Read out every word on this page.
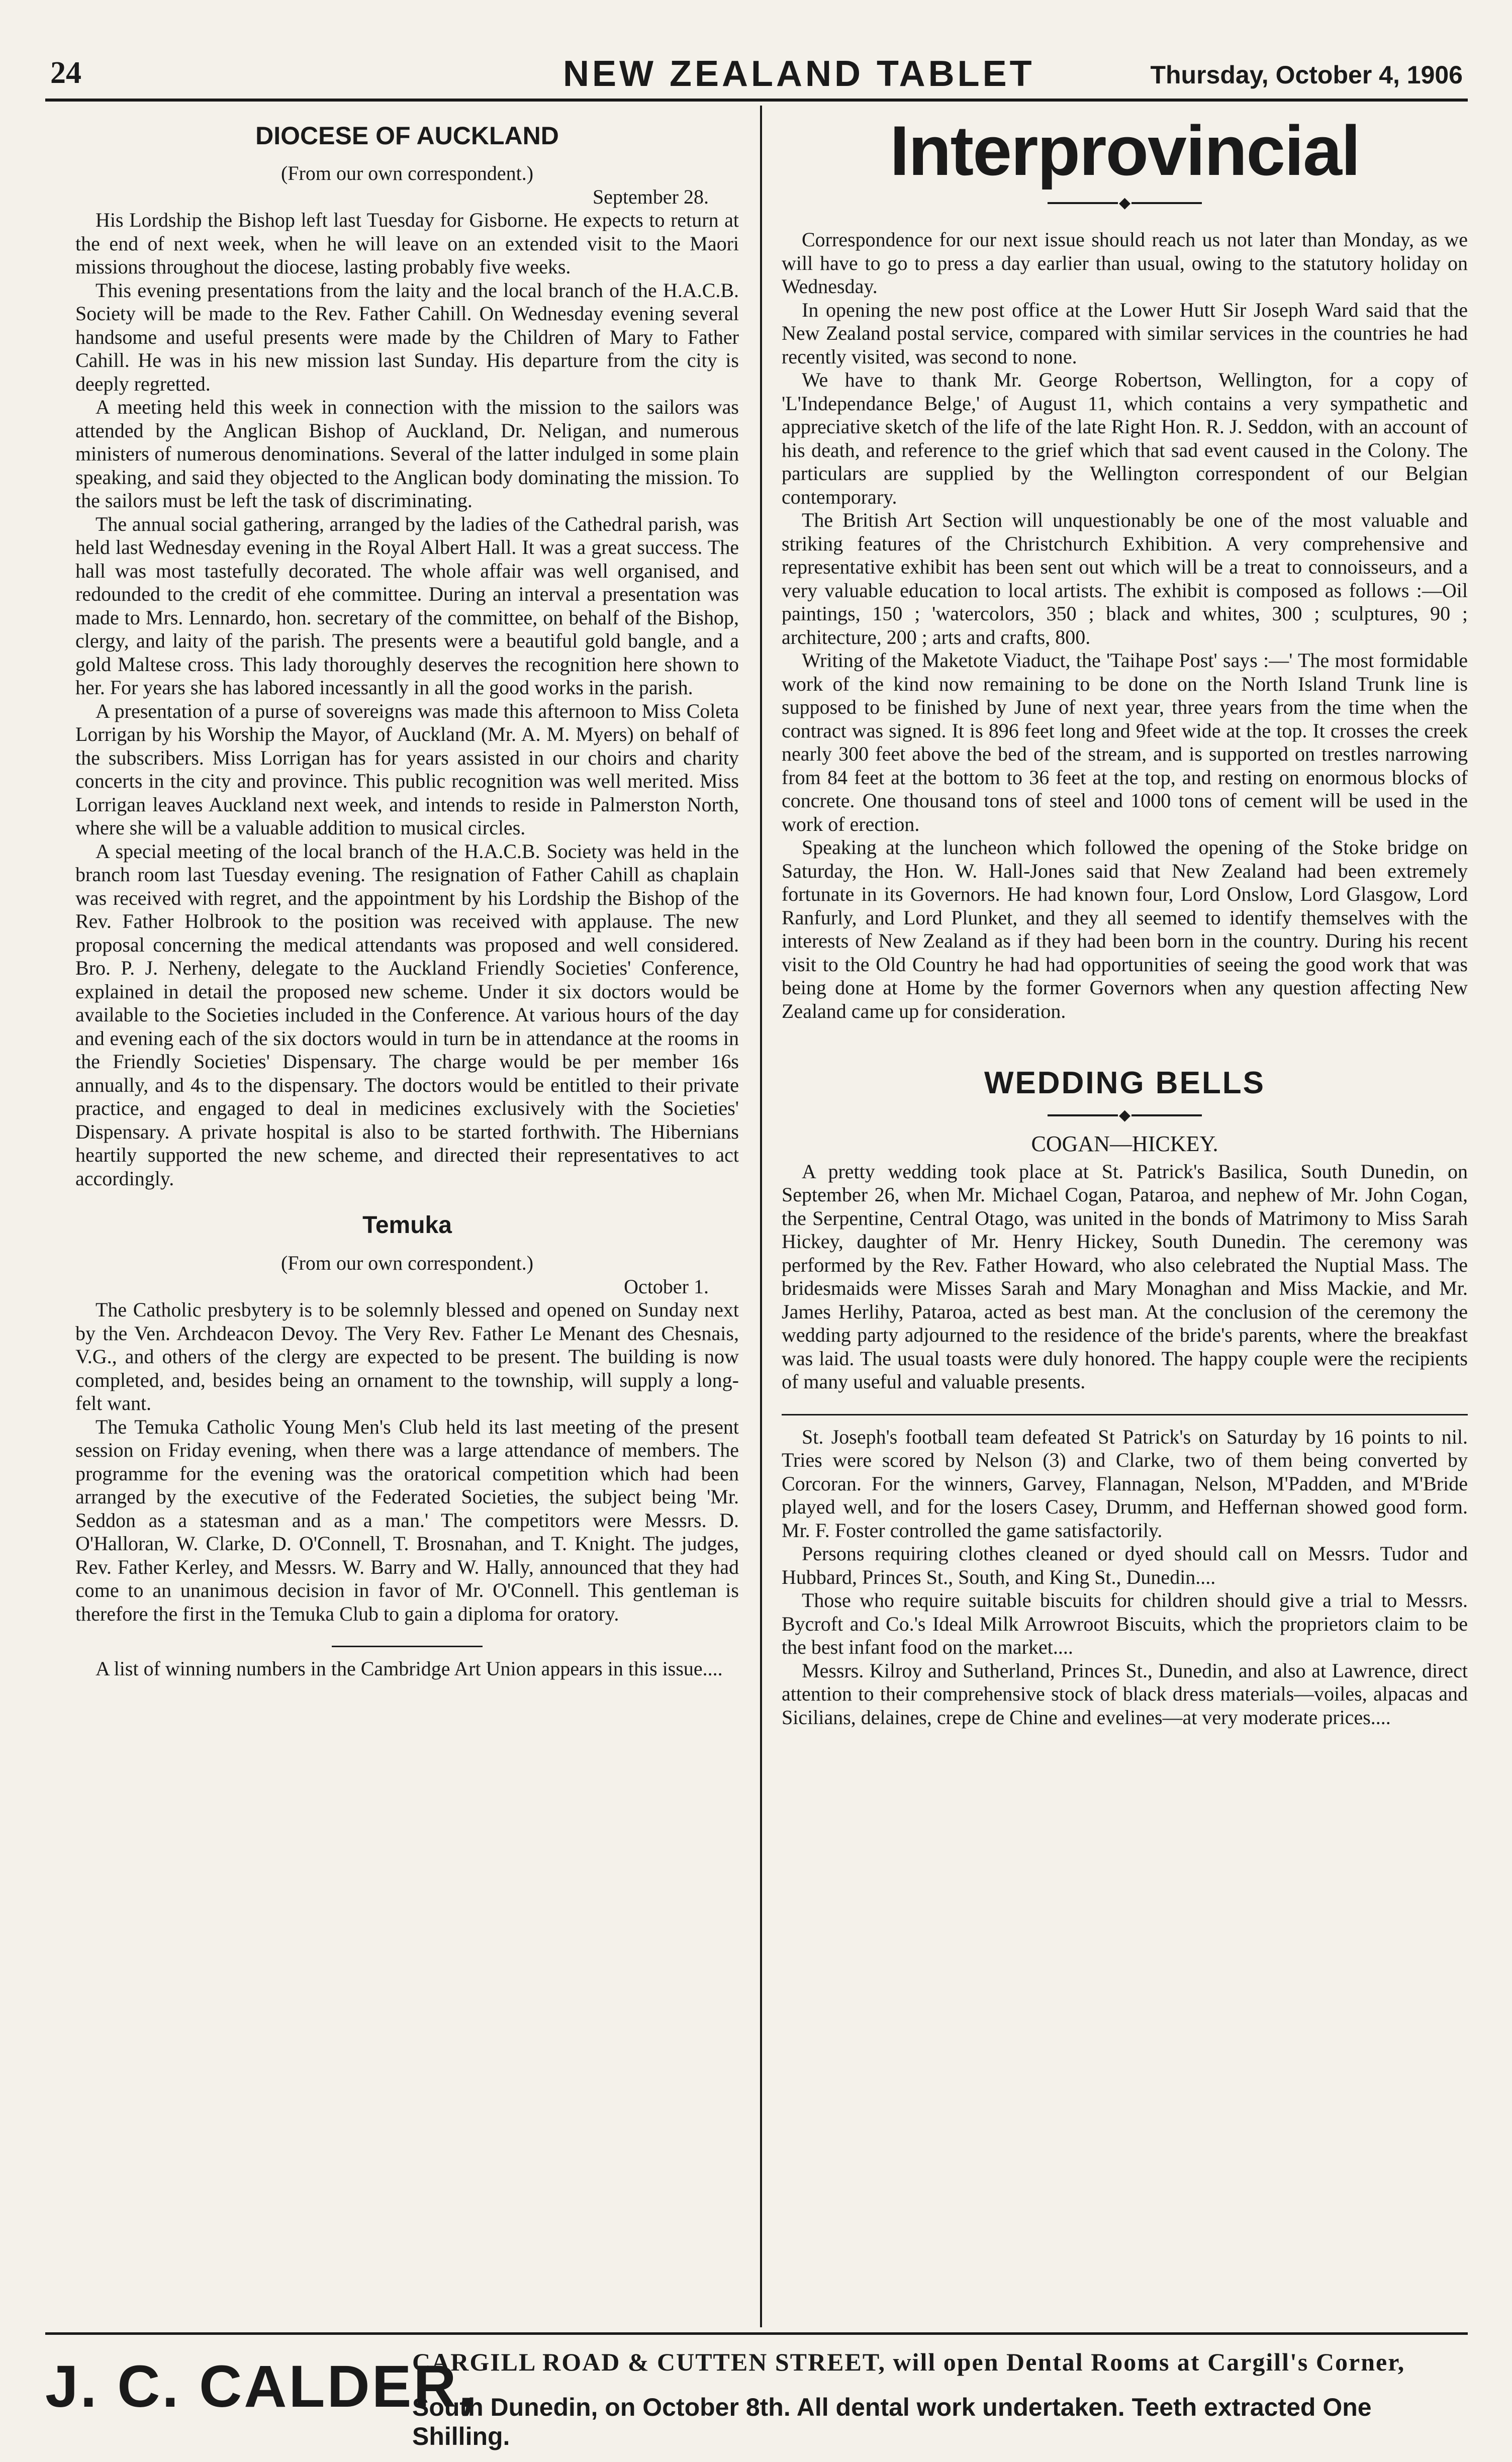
24	NEW ZEALAND TABLET	Thursday, October 4, 1906
DIOCESE OF AUCKLAND

(From our own correspondent.)

September 28.

His Lordship the Bishop left last Tuesday for Gisborne. He expects to return at the end of next week, when he will leave on an extended visit to the Maori missions throughout the diocese, lasting probably five weeks.

This evening presentations from the laity and the local branch of the H.A.C.B. Society will be made to the Rev. Father Cahill. On Wednesday evening several handsome and useful presents were made by the Children of Mary to Father Cahill. He was in his new mission last Sunday. His departure from the city is deeply regretted.

A meeting held this week in connection with the mission to the sailors was attended by the Anglican Bishop of Auckland, Dr. Neligan, and numerous ministers of numerous denominations. Several of the latter indulged in some plain speaking, and said they objected to the Anglican body dominating the mission. To the sailors must be left the task of discriminating.

The annual social gathering, arranged by the ladies of the Cathedral parish, was held last Wednesday evening in the Royal Albert Hall. It was a great success. The hall was most tastefully decorated. The whole affair was well organised, and redounded to the credit of ehe committee. During an interval a presentation was made to Mrs. Lennardo, hon. secretary of the committee, on behalf of the Bishop, clergy, and laity of the parish. The presents were a beautiful gold bangle, and a gold Maltese cross. This lady thoroughly deserves the recognition here shown to her. For years she has labored incessantly in all the good works in the parish.

A presentation of a purse of sovereigns was made this afternoon to Miss Coleta Lorrigan by his Worship the Mayor, of Auckland (Mr. A. M. Myers) on behalf of the subscribers. Miss Lorrigan has for years assisted in our choirs and charity concerts in the city and province. This public recognition was well merited. Miss Lorrigan leaves Auckland next week, and intends to reside in Palmerston North, where she will be a valuable addition to musical circles.

A special meeting of the local branch of the H.A.C.B. Society was held in the branch room last Tuesday evening. The resignation of Father Cahill as chaplain was received with regret, and the appointment by his Lordship the Bishop of the Rev. Father Holbrook to the position was received with applause. The new proposal concerning the medical attendants was proposed and well considered. Bro. P. J. Nerheny, delegate to the Auckland Friendly Societies' Conference, explained in detail the proposed new scheme. Under it six doctors would be available to the Societies included in the Conference. At various hours of the day and evening each of the six doctors would in turn be in attendance at the rooms in the Friendly Societies' Dispensary. The charge would be per member 16s annually, and 4s to the dispensary. The doctors would be entitled to their private practice, and engaged to deal in medicines exclusively with the Societies' Dispensary. A private hospital is also to be started forthwith. The Hibernians heartily supported the new scheme, and directed their representatives to act accordingly.

Temuka

(From our own correspondent.)

October 1.

The Catholic presbytery is to be solemnly blessed and opened on Sunday next by the Ven. Archdeacon Devoy. The Very Rev. Father Le Menant des Chesnais, V.G., and others of the clergy are expected to be present. The building is now completed, and, besides being an ornament to the township, will supply a long-felt want.

The Temuka Catholic Young Men's Club held its last meeting of the present session on Friday evening, when there was a large attendance of members. The programme for the evening was the oratorical competition which had been arranged by the executive of the Federated Societies, the subject being 'Mr. Seddon as a statesman and as a man.' The competitors were Messrs. D. O'Halloran, W. Clarke, D. O'Connell, T. Brosnahan, and T. Knight. The judges, Rev. Father Kerley, and Messrs. W. Barry and W. Hally, announced that they had come to an unanimous decision in favor of Mr. O'Connell. This gentleman is therefore the first in the Temuka Club to gain a diploma for oratory.

A list of winning numbers in the Cambridge Art Union appears in this issue....

Interprovincial
◆

Correspondence for our next issue should reach us not later than Monday, as we will have to go to press a day earlier than usual, owing to the statutory holiday on Wednesday.

In opening the new post office at the Lower Hutt Sir Joseph Ward said that the New Zealand postal service, compared with similar services in the countries he had recently visited, was second to none.

We have to thank Mr. George Robertson, Wellington, for a copy of 'L'Independance Belge,' of August 11, which contains a very sympathetic and appreciative sketch of the life of the late Right Hon. R. J. Seddon, with an account of his death, and reference to the grief which that sad event caused in the Colony. The particulars are supplied by the Wellington correspondent of our Belgian contemporary.

The British Art Section will unquestionably be one of the most valuable and striking features of the Christchurch Exhibition. A very comprehensive and representative exhibit has been sent out which will be a treat to connoisseurs, and a very valuable education to local artists. The exhibit is composed as follows :—Oil paintings, 150 ; 'watercolors, 350 ; black and whites, 300 ; sculptures, 90 ; architecture, 200 ; arts and crafts, 800.

Writing of the Maketote Viaduct, the 'Taihape Post' says :—' The most formidable work of the kind now remaining to be done on the North Island Trunk line is supposed to be finished by June of next year, three years from the time when the contract was signed. It is 896 feet long and 9feet wide at the top. It crosses the creek nearly 300 feet above the bed of the stream, and is supported on trestles narrowing from 84 feet at the bottom to 36 feet at the top, and resting on enormous blocks of concrete. One thousand tons of steel and 1000 tons of cement will be used in the work of erection.

Speaking at the luncheon which followed the opening of the Stoke bridge on Saturday, the Hon. W. Hall-Jones said that New Zealand had been extremely fortunate in its Governors. He had known four, Lord Onslow, Lord Glasgow, Lord Ranfurly, and Lord Plunket, and they all seemed to identify themselves with the interests of New Zealand as if they had been born in the country. During his recent visit to the Old Country he had had opportunities of seeing the good work that was being done at Home by the former Governors when any question affecting New Zealand came up for consideration.

WEDDING BELLS
◆
COGAN—HICKEY.

A pretty wedding took place at St. Patrick's Basilica, South Dunedin, on September 26, when Mr. Michael Cogan, Pataroa, and nephew of Mr. John Cogan, the Serpentine, Central Otago, was united in the bonds of Matrimony to Miss Sarah Hickey, daughter of Mr. Henry Hickey, South Dunedin. The ceremony was performed by the Rev. Father Howard, who also celebrated the Nuptial Mass. The bridesmaids were Misses Sarah and Mary Monaghan and Miss Mackie, and Mr. James Herlihy, Pataroa, acted as best man. At the conclusion of the ceremony the wedding party adjourned to the residence of the bride's parents, where the breakfast was laid. The usual toasts were duly honored. The happy couple were the recipients of many useful and valuable presents.

St. Joseph's football team defeated St Patrick's on Saturday by 16 points to nil. Tries were scored by Nelson (3) and Clarke, two of them being converted by Corcoran. For the winners, Garvey, Flannagan, Nelson, M'Padden, and M'Bride played well, and for the losers Casey, Drumm, and Heffernan showed good form. Mr. F. Foster controlled the game satisfactorily.

Persons requiring clothes cleaned or dyed should call on Messrs. Tudor and Hubbard, Princes St., South, and King St., Dunedin....

Those who require suitable biscuits for children should give a trial to Messrs. Bycroft and Co.'s Ideal Milk Arrowroot Biscuits, which the proprietors claim to be the best infant food on the market....

Messrs. Kilroy and Sutherland, Princes St., Dunedin, and also at Lawrence, direct attention to their comprehensive stock of black dress materials—voiles, alpacas and Sicilians, delaines, crepe de Chine and evelines—at very moderate prices....

J. C. CALDER,
CARGILL ROAD & CUTTEN STREET, will open Dental Rooms at Cargill's Corner,
South Dunedin, on October 8th. All dental work undertaken. Teeth extracted One Shilling.
